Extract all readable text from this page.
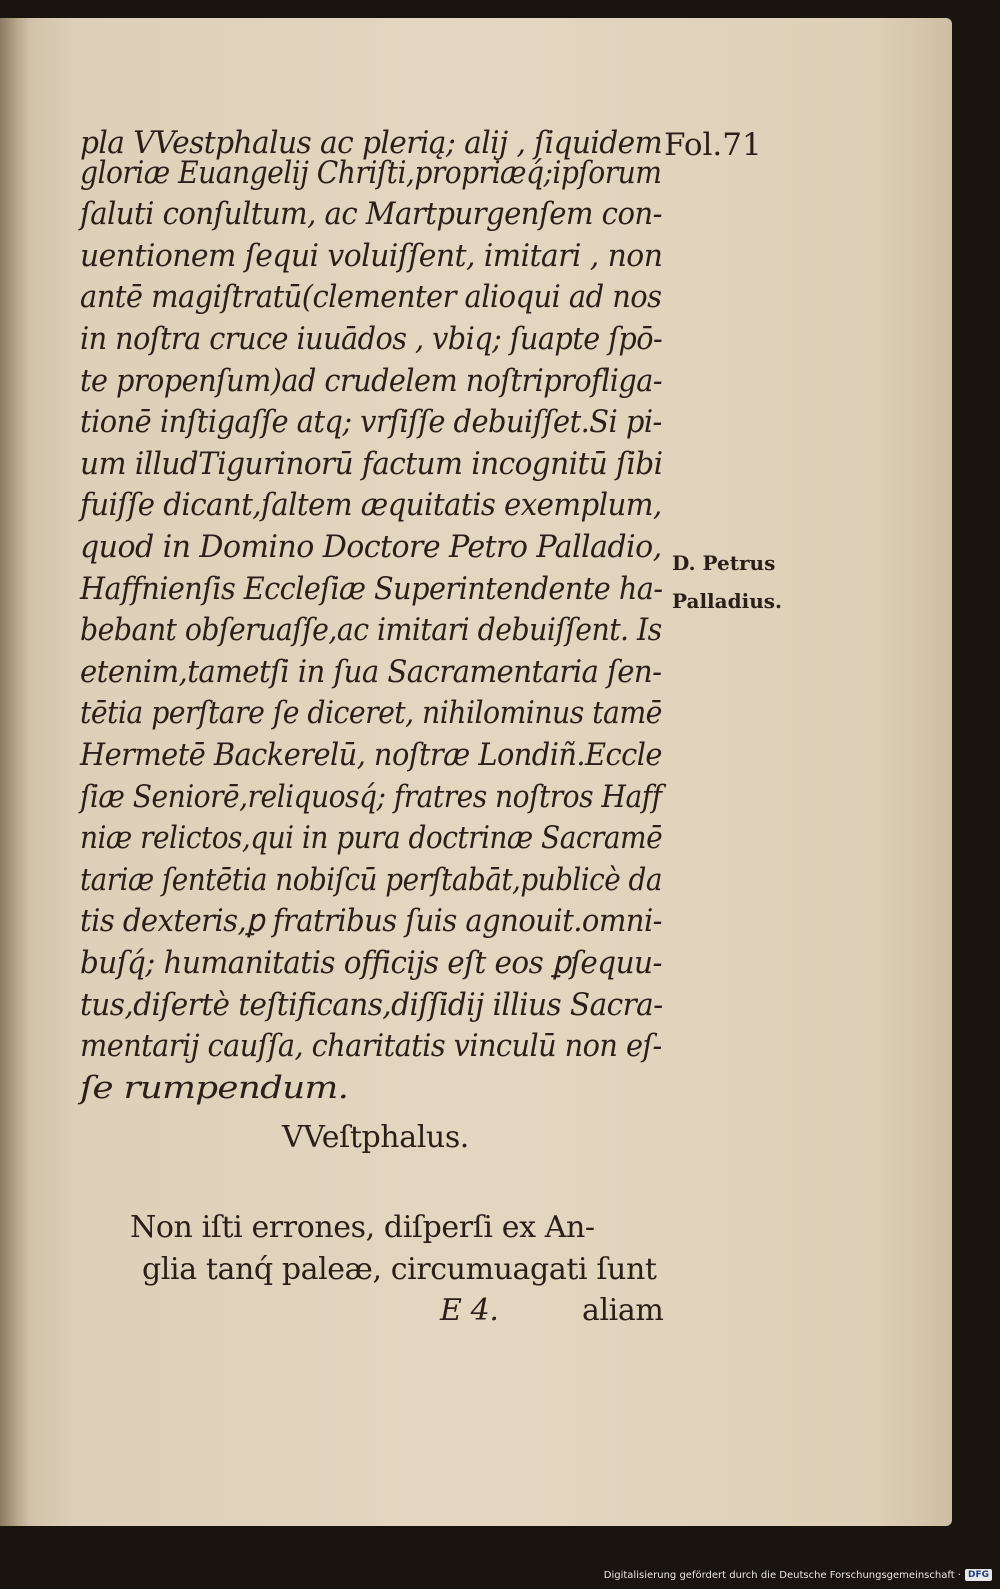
Fol.71
pla VVestphalus ac plerią; alij , ſiquidem
gloriæ Euangelij Chriſti,propriæq́;ipſorum
ſaluti conſultum, ac Martpurgenſem con-
uentionem ſequi voluiſſent, imitari , non
antē magiſtratū(clementer alioqui ad nos
in noſtra cruce iuuādos , vbiq; ſuapte ſpō-
te propenſum)ad crudelem noſtriprofliga-
tionē inſtigaſſe atq; vrſiſſe debuiſſet.Si pi-
um illudTigurinorū factum incognitū ſibi
fuiſſe dicant,ſaltem æquitatis exemplum,
quod in Domino Doctore Petro Palladio,
Haffnienſis Eccleſiæ Superintendente ha-
bebant obſeruaſſe,ac imitari debuiſſent. Is
etenim,tametſi in ſua Sacramentaria ſen-
tētia perſtare ſe diceret, nihilominus tamē
Hermetē Backerelū, noſtræ Londiñ.Eccle
ſiæ Seniorē,reliquosq́; fratres noſtros Haff
niæ relictos,qui in pura doctrinæ Sacramē
tariæ ſentētia nobiſcū perſtabāt,publicè da
tis dexteris,ꝑ fratribus ſuis agnouit.omni-
buſq́; humanitatis officijs eſt eos ꝑſequu-
tus,diſertè teſtificans,diſſidij illius Sacra-
mentarij cauſſa, charitatis vinculū non eſ-
ſe rumpendum.
VVeſtphalus.
Non iſti errones, diſperſi ex An-
glia tanq́ paleæ, circumuagati ſunt
E 4.	aliam
D. Petrus
Palladius.
Digitalisierung gefördert durch die Deutsche Forschungsgemeinschaft · DFG
